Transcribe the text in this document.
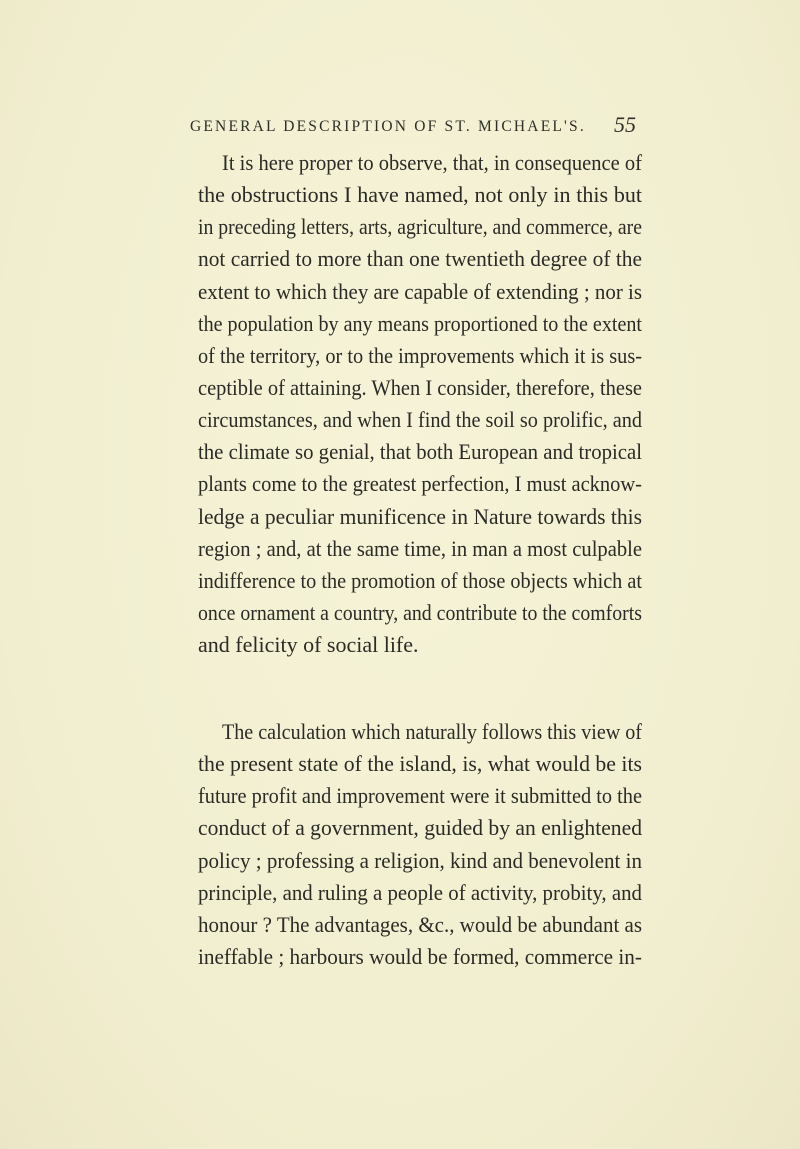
GENERAL DESCRIPTION OF ST. MICHAEL'S. 55
It is here proper to observe, that, in consequence of
the obstructions I have named, not only in this but
in preceding letters, arts, agriculture, and commerce, are
not carried to more than one twentieth degree of the
extent to which they are capable of extending ; nor is
the population by any means proportioned to the extent
of the territory, or to the improvements which it is sus-
ceptible of attaining. When I consider, therefore, these
circumstances, and when I find the soil so prolific, and
the climate so genial, that both European and tropical
plants come to the greatest perfection, I must acknow-
ledge a peculiar munificence in Nature towards this
region ; and, at the same time, in man a most culpable
indifference to the promotion of those objects which at
once ornament a country, and contribute to the comforts
and felicity of social life.
The calculation which naturally follows this view of
the present state of the island, is, what would be its
future profit and improvement were it submitted to the
conduct of a government, guided by an enlightened
policy ; professing a religion, kind and benevolent in
principle, and ruling a people of activity, probity, and
honour ? The advantages, &c., would be abundant as
ineffable ; harbours would be formed, commerce in-
